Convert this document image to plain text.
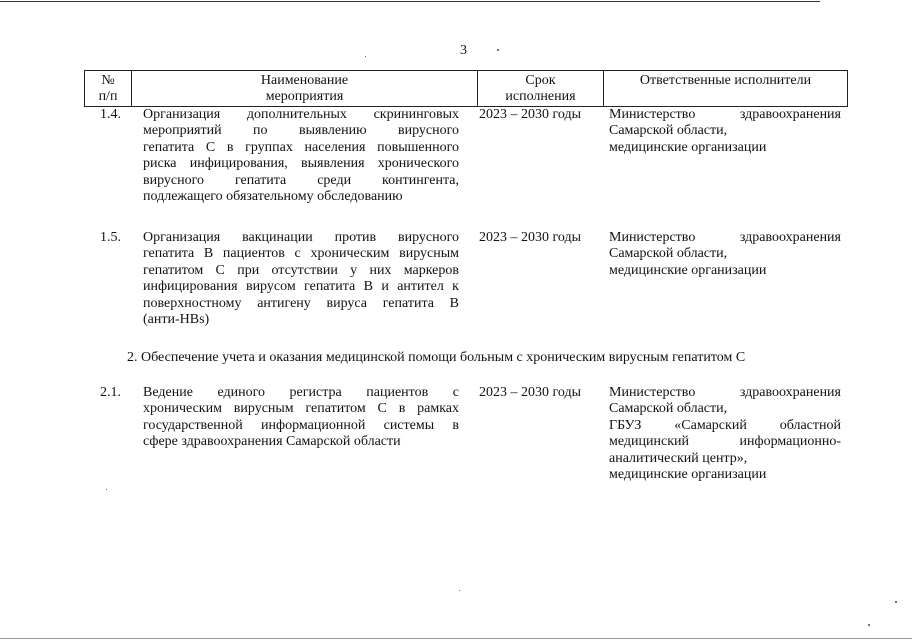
3
№
п/п
Наименование
мероприятия
Срок
исполнения
Ответственные исполнители
1.4. Организация дополнительных скрининговых
мероприятий по выявлению вирусного
гепатита С в группах населения повышенного
риска инфицирования, выявления хронического
вирусного гепатита среди контингента,
подлежащего обязательному обследованию
2023 – 2030 годы Министерство здравоохранения
Самарской области,
медицинские организации
1.5. Организация вакцинации против вирусного
гепатита В пациентов с хроническим вирусным
гепатитом С при отсутствии у них маркеров
инфицирования вирусом гепатита В и антител к
поверхностному антигену вируса гепатита В
(анти-HBs)
2023 – 2030 годы Министерство здравоохранения
Самарской области,
медицинские организации
2. Обеспечение учета и оказания медицинской помощи больным с хроническим вирусным гепатитом С
2.1. Ведение единого регистра пациентов с
хроническим вирусным гепатитом С в рамках
государственной информационной системы в
сфере здравоохранения Самарской области
2023 – 2030 годы Министерство здравоохранения
Самарской области,
ГБУЗ «Самарский областной
медицинский информационно-
аналитический центр»,
медицинские организации
